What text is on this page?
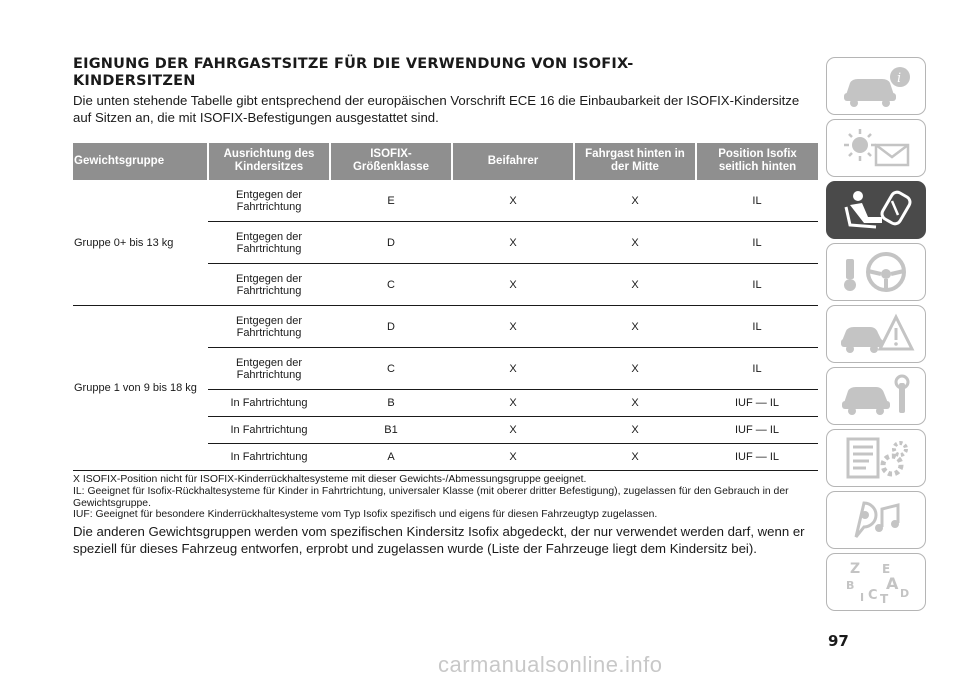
EIGNUNG DER FAHRGASTSITZE FÜR DIE VERWENDUNG VON ISOFIX-
KINDERSITZEN

Die unten stehende Tabelle gibt entsprechend der europäischen Vorschrift ECE 16 die Einbaubarkeit der ISOFIX-Kindersitze auf Sitzen an, die mit ISOFIX-Befestigungen ausgestattet sind.

Gewichtsgruppe	Ausrichtung des Kindersitzes	ISOFIX-Größenklasse	Beifahrer	Fahrgast hinten in der Mitte	Position Isofix seitlich hinten
Gruppe 0+ bis 13 kg	Entgegen der Fahrtrichtung	E	X	X	IL
	Entgegen der Fahrtrichtung	D	X	X	IL
	Entgegen der Fahrtrichtung	C	X	X	IL
Gruppe 1 von 9 bis 18 kg	Entgegen der Fahrtrichtung	D	X	X	IL
	Entgegen der Fahrtrichtung	C	X	X	IL
	In Fahrtrichtung	B	X	X	IUF — IL
	In Fahrtrichtung	B1	X	X	IUF — IL
	In Fahrtrichtung	A	X	X	IUF — IL

X ISOFIX-Position nicht für ISOFIX-Kinderrückhaltesysteme mit dieser Gewichts-/Abmessungsgruppe geeignet.

IL: Geeignet für Isofix-Rückhaltesysteme für Kinder in Fahrtrichtung, universaler Klasse (mit oberer dritter Befestigung), zugelassen für den Gebrauch in der Gewichtsgruppe.

IUF: Geeignet für besondere Kinderrückhaltesysteme vom Typ Isofix spezifisch und eigens für diesen Fahrzeugtyp zugelassen.

Die anderen Gewichtsgruppen werden vom spezifischen Kindersitz Isofix abgedeckt, der nur verwendet werden darf, wenn er speziell für dieses Fahrzeug entworfen, erprobt und zugelassen wurde (Liste der Fahrzeuge liegt dem Kindersitz bei).

97
i
Z E
B A
I C T D
carmanualsonline.info
